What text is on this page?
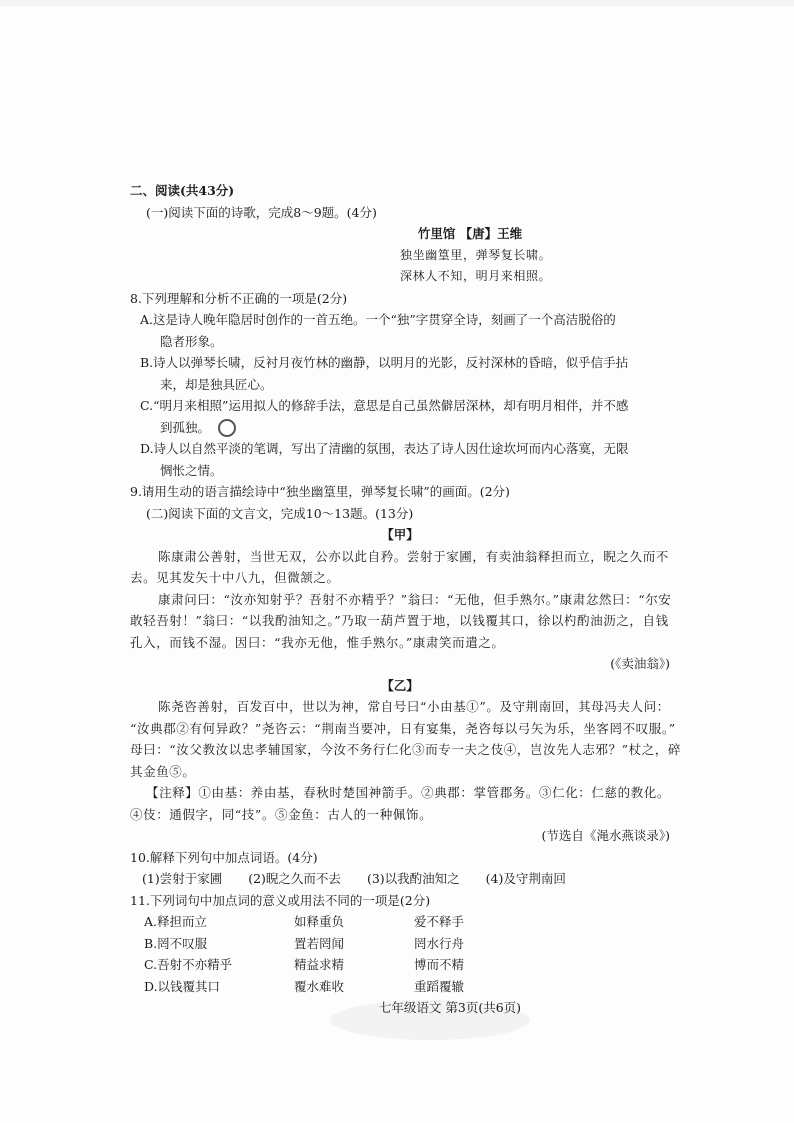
二、阅读(共43分)
(一)阅读下面的诗歌，完成8～9题。(4分)
竹里馆 【唐】王维
独坐幽篁里，弹琴复长啸。
深林人不知，明月来相照。
8.下列理解和分析不正确的一项是(2分)
A.这是诗人晚年隐居时创作的一首五绝。一个“独”字贯穿全诗，刻画了一个高洁脱俗的
隐者形象。
B.诗人以弹琴长啸，反衬月夜竹林的幽静，以明月的光影，反衬深林的昏暗，似乎信手拈
来，却是独具匠心。
C.“明月来相照”运用拟人的修辞手法，意思是自己虽然僻居深林，却有明月相伴，并不感
到孤独。
D.诗人以自然平淡的笔调，写出了清幽的氛围，表达了诗人因仕途坎坷而内心落寞，无限
惆怅之情。
9.请用生动的语言描绘诗中“独坐幽篁里，弹琴复长啸”的画面。(2分)
(二)阅读下面的文言文，完成10～13题。(13分)
【甲】
陈康肃公善射，当世无双，公亦以此自矜。尝射于家圃，有卖油翁释担而立，睨之久而不
去。见其发矢十中八九，但微颔之。
康肃问曰：“汝亦知射乎？吾射不亦精乎？”翁曰：“无他，但手熟尔。”康肃忿然曰：“尔安
敢轻吾射！”翁曰：“以我酌油知之。”乃取一葫芦置于地，以钱覆其口，徐以杓酌油沥之，自钱
孔入，而钱不湿。因曰：“我亦无他，惟手熟尔。”康肃笑而遣之。
(《卖油翁》)
【乙】
陈尧咨善射，百发百中，世以为神，常自号曰“小由基①”。及守荆南回，其母冯夫人问：
“汝典郡②有何异政？”尧咨云：“荆南当要冲，日有宴集，尧咨每以弓矢为乐，坐客罔不叹服。”
母曰：“汝父教汝以忠孝辅国家，今汝不务行仁化③而专一夫之伎④，岂汝先人志邪？”杖之，碎
其金鱼⑤。
【注释】①由基：养由基，春秋时楚国神箭手。②典郡：掌管郡务。③仁化：仁慈的教化。
④伎：通假字，同“技”。⑤金鱼：古人的一种佩饰。
(节选自《渑水燕谈录》)
10.解释下列句中加点词语。(4分)
(1)尝射于家圃 (2)睨之久而不去 (3)以我酌油知之 (4)及守荆南回
11.下列词句中加点词的意义或用法不同的一项是(2分)
A.释担而立	如释重负	爱不释手
B.罔不叹服	置若罔闻	罔水行舟
C.吾射不亦精乎	精益求精	博而不精
D.以钱覆其口	覆水难收	重蹈覆辙
七年级语文 第3页(共6页)
